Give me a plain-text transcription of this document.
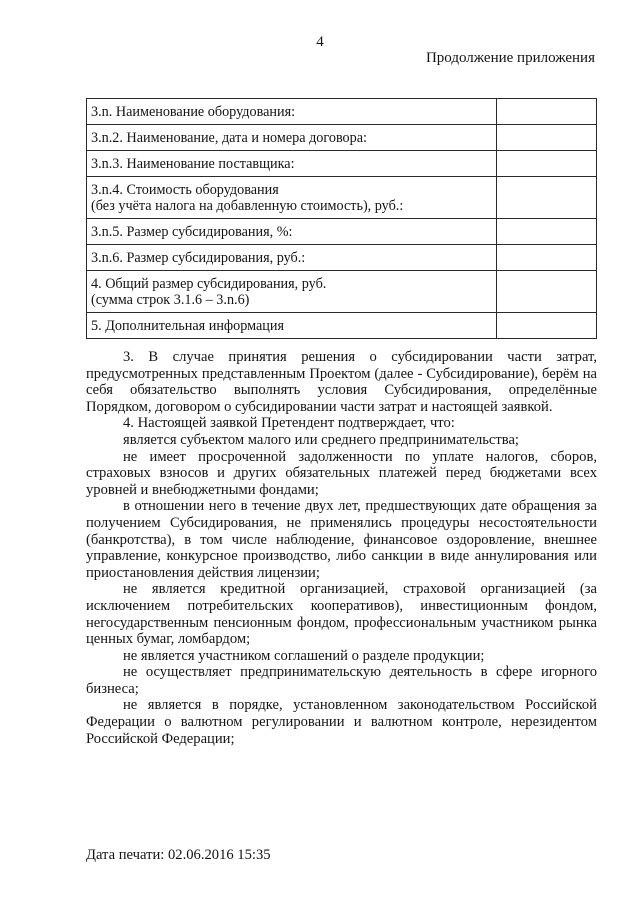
4
Продолжение приложения
3.n. Наименование оборудования:	
3.n.2. Наименование, дата и номера договора:	
3.n.3. Наименование поставщика:	
3.n.4. Стоимость оборудования
(без учёта налога на добавленную стоимость), руб.:	
3.n.5. Размер субсидирования, %:	
3.n.6. Размер субсидирования, руб.:	
4. Общий размер субсидирования, руб.
(сумма строк 3.1.6 – 3.n.6)	
5. Дополнительная информация	

3. В случае принятия решения о субсидировании части затрат, предусмотренных представленным Проектом (далее - Субсидирование), берём на себя обязательство выполнять условия Субсидирования, определённые Порядком, договором о субсидировании части затрат и настоящей заявкой.

4. Настоящей заявкой Претендент подтверждает, что:

является субъектом малого или среднего предпринимательства;

не имеет просроченной задолженности по уплате налогов, сборов, страховых взносов и других обязательных платежей перед бюджетами всех уровней и внебюджетными фондами;

в отношении него в течение двух лет, предшествующих дате обращения за получением Субсидирования, не применялись процедуры несостоятельности (банкротства), в том числе наблюдение, финансовое оздоровление, внешнее управление, конкурсное производство, либо санкции в виде аннулирования или приостановления действия лицензии;

не является кредитной организацией, страховой организацией (за исключением потребительских кооперативов), инвестиционным фондом, негосударственным пенсионным фондом, профессиональным участником рынка ценных бумаг, ломбардом;

не является участником соглашений о разделе продукции;

не осуществляет предпринимательскую деятельность в сфере игорного бизнеса;

не является в порядке, установленном законодательством Российской Федерации о валютном регулировании и валютном контроле, нерезидентом Российской Федерации;

Дата печати: 02.06.2016 15:35
